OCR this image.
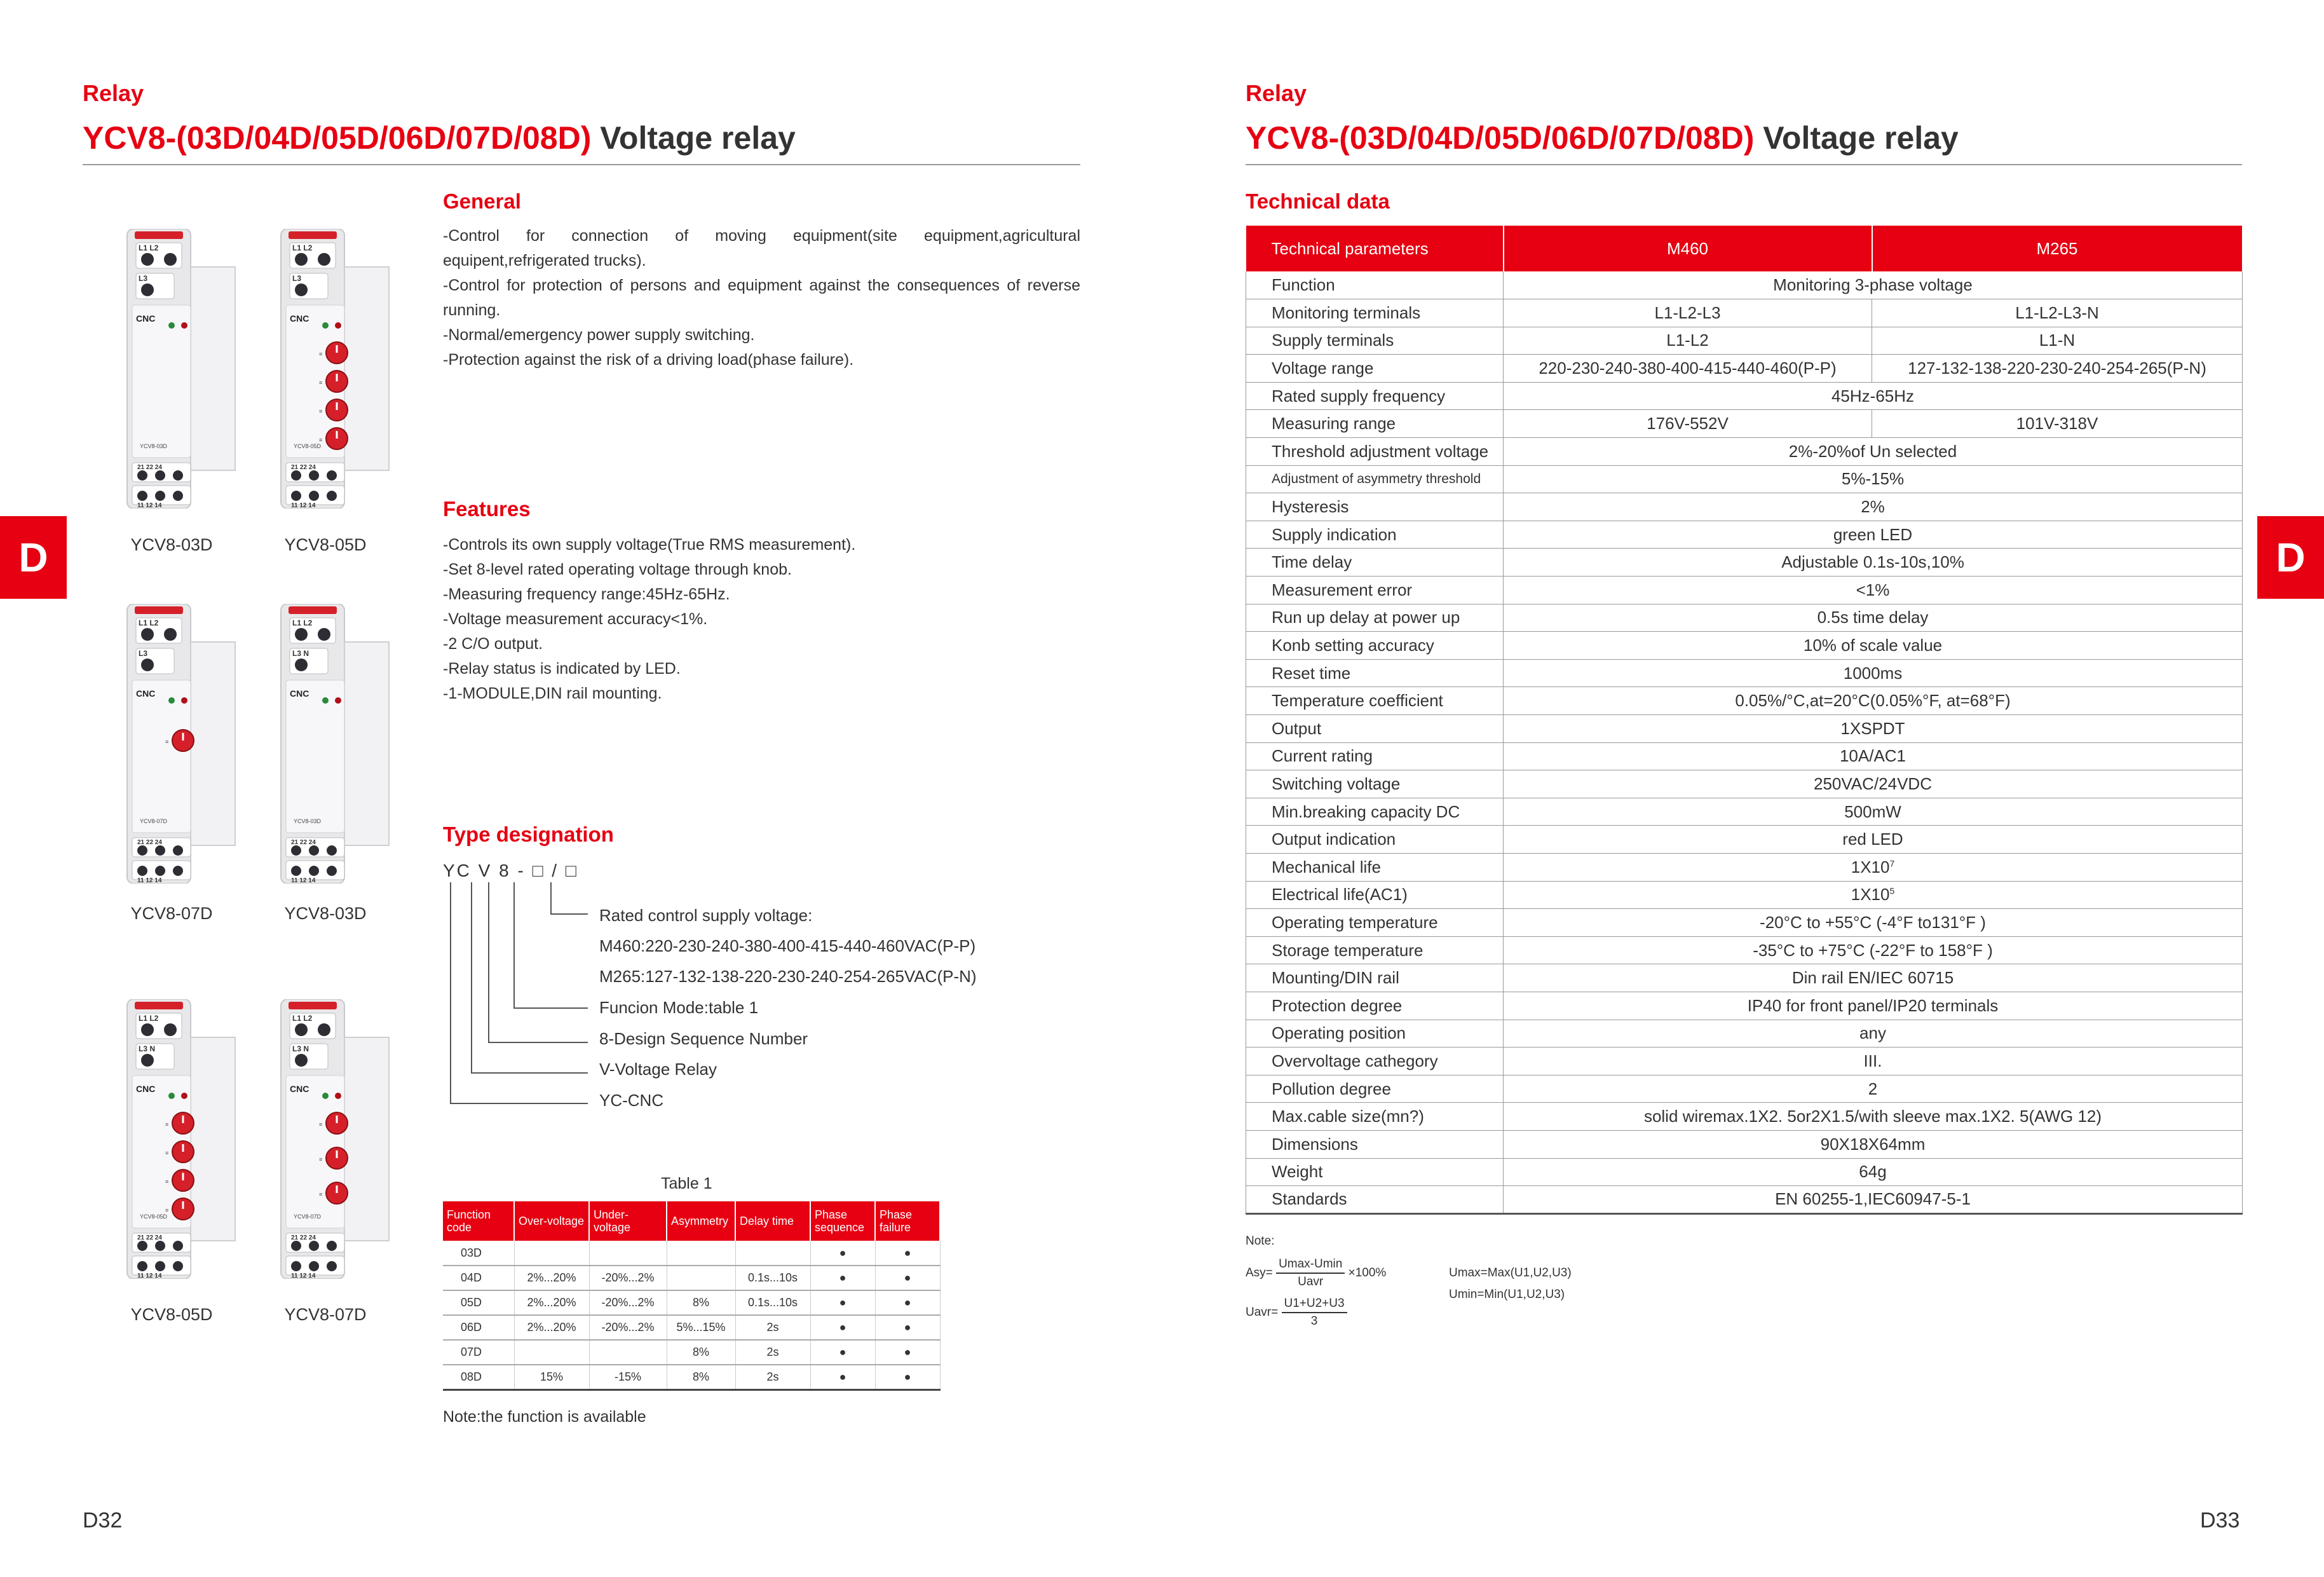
Relay
YCV8-(03D/04D/05D/06D/07D/08D) Voltage relay
D
L1 L2
L3
CNC
YCV8-03D
21 22 24
11 12 14
YCV8-03D
L1 L2
L3
CNC
≡
≡
≡
≡
YCV8-05D
21 22 24
11 12 14
YCV8-05D
L1 L2
L3
CNC
≡
YCV8-07D
21 22 24
11 12 14
YCV8-07D
L1 L2
L3 N
CNC
YCV8-03D
21 22 24
11 12 14
YCV8-03D
L1 L2
L3 N
CNC
≡
≡
≡
≡
YCV8-05D
21 22 24
11 12 14
YCV8-05D
L1 L2
L3 N
CNC
≡
≡
≡
YCV8-07D
21 22 24
11 12 14
YCV8-07D
General
-Control for connection of moving equipment(site equipment,agricultural equipent,refrigerated trucks).
-Control for protection of persons and equipment against the consequences of reverse running.
-Normal/emergency power supply switching.
-Protection against the risk of a driving load(phase failure).
Features
-Controls its own supply voltage(True RMS measurement).
-Set 8-level rated operating voltage through knob.
-Measuring frequency range:45Hz-65Hz.
-Voltage measurement accuracy<1%.
-2 C/O output.
-Relay status is indicated by LED.
-1-MODULE,DIN rail mounting.
Type designation
YC V 8 - □ / □
Rated control supply voltage:
M460:220-230-240-380-400-415-440-460VAC(P-P)
M265:127-132-138-220-230-240-254-265VAC(P-N)
Funcion Mode:table 1
8-Design Sequence Number
V-Voltage Relay
YC-CNC
Table 1
Function code	Over-voltage	Under-voltage	Asymmetry	Delay time	Phase sequence	Phase failure
03D					●	●
04D	2%...20%	-20%...2%		0.1s...10s	●	●
05D	2%...20%	-20%...2%	8%	0.1s...10s	●	●
06D	2%...20%	-20%...2%	5%...15%	2s	●	●
07D			8%	2s	●	●
08D	15%	-15%	8%	2s	●	●
Note:the function is available
D32
Relay
YCV8-(03D/04D/05D/06D/07D/08D) Voltage relay
D
Technical data
Technical parameters	M460	M265
Function	Monitoring 3-phase voltage	
Monitoring terminals	L1-L2-L3	L1-L2-L3-N
Supply terminals	L1-L2	L1-N
Voltage range	220-230-240-380-400-415-440-460(P-P)	127-132-138-220-230-240-254-265(P-N)
Rated supply frequency	45Hz-65Hz	
Measuring range	176V-552V	101V-318V
Threshold adjustment voltage	2%-20%of Un selected	
Adjustment of asymmetry threshold	5%-15%	
Hysteresis	2%	
Supply indication	green LED	
Time delay	Adjustable 0.1s-10s,10%	
Measurement error	<1%	
Run up delay at power up	0.5s time delay	
Konb setting accuracy	10% of scale value	
Reset time	1000ms	
Temperature coefficient	0.05%/°C,at=20°C(0.05%°F, at=68°F)	
Output	1XSPDT	
Current rating	10A/AC1	
Switching voltage	250VAC/24VDC	
Min.breaking capacity DC	500mW	
Output indication	red LED	
Mechanical life	$1X10^7$
Electrical life(AC1)	$1X10^5$
Operating temperature	-20°C to +55°C (-4°F to131°F )	
Storage temperature	-35°C to +75°C (-22°F to 158°F )	
Mounting/DIN rail	Din rail EN/IEC 60715	
Protection degree	IP40 for front panel/IP20 terminals	
Operating position	any	
Overvoltage cathegory	III.	
Pollution degree	2	
Max.cable size(mn?)	solid wiremax.1X2. 5or2X1.5/with sleeve max.1X2. 5(AWG 12)	
Dimensions	90X18X64mm	
Weight	64g	
Standards	EN 60255-1,IEC60947-5-1	
Note:
$Asy= \frac{Umax-Umin}{\text{Uavr}} \times 100\%$
Uavr= $\frac{U1+U2+U3}{3}$
Umax=Max(U1,U2,U3)
Umin=Min(U1,U2,U3)
D33
